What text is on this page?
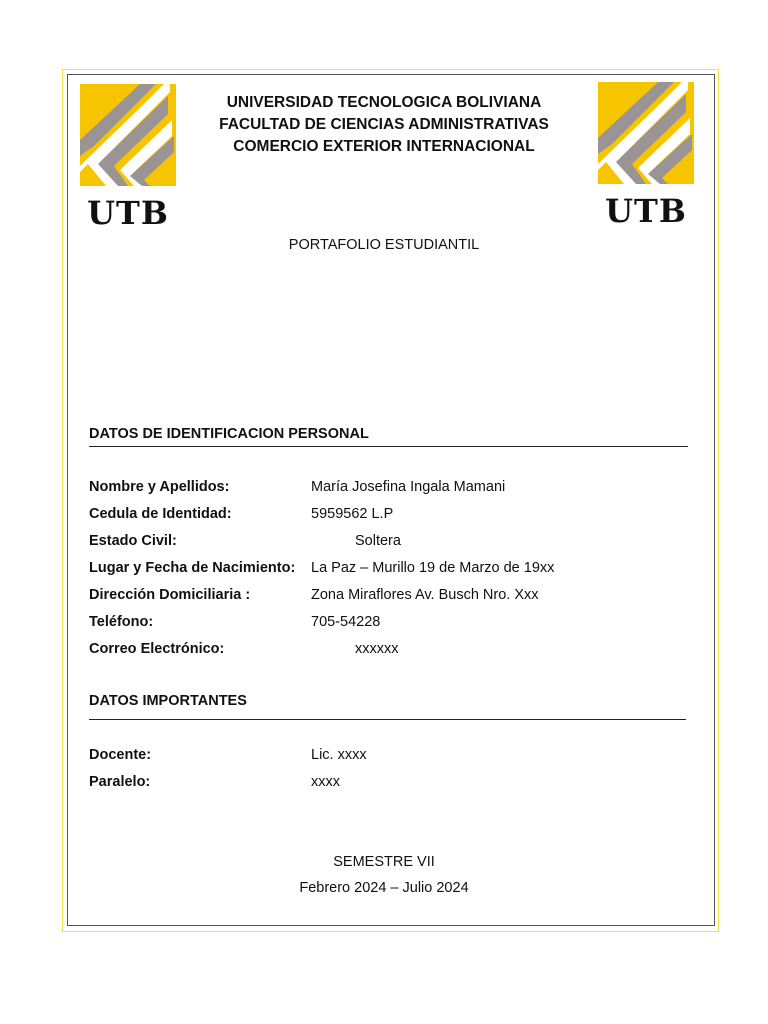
UTB	UTB
UNIVERSIDAD TECNOLOGICA BOLIVIANA
FACULTAD DE CIENCIAS ADMINISTRATIVAS
COMERCIO EXTERIOR INTERNACIONAL
PORTAFOLIO ESTUDIANTIL
DATOS DE IDENTIFICACION PERSONAL
Nombre y Apellidos:	María Josefina Ingala Mamani
Cedula de Identidad:	5959562 L.P
Estado Civil:	Soltera
Lugar y Fecha de Nacimiento: La Paz – Murillo 19 de Marzo de 19xx
Dirección Domiciliaria :	Zona Miraflores Av. Busch Nro. Xxx
Teléfono:	705-54228
Correo Electrónico:	xxxxxx
DATOS IMPORTANTES
Docente:	Lic. xxxx
Paralelo:	xxxx
SEMESTRE VII
Febrero 2024 – Julio 2024
